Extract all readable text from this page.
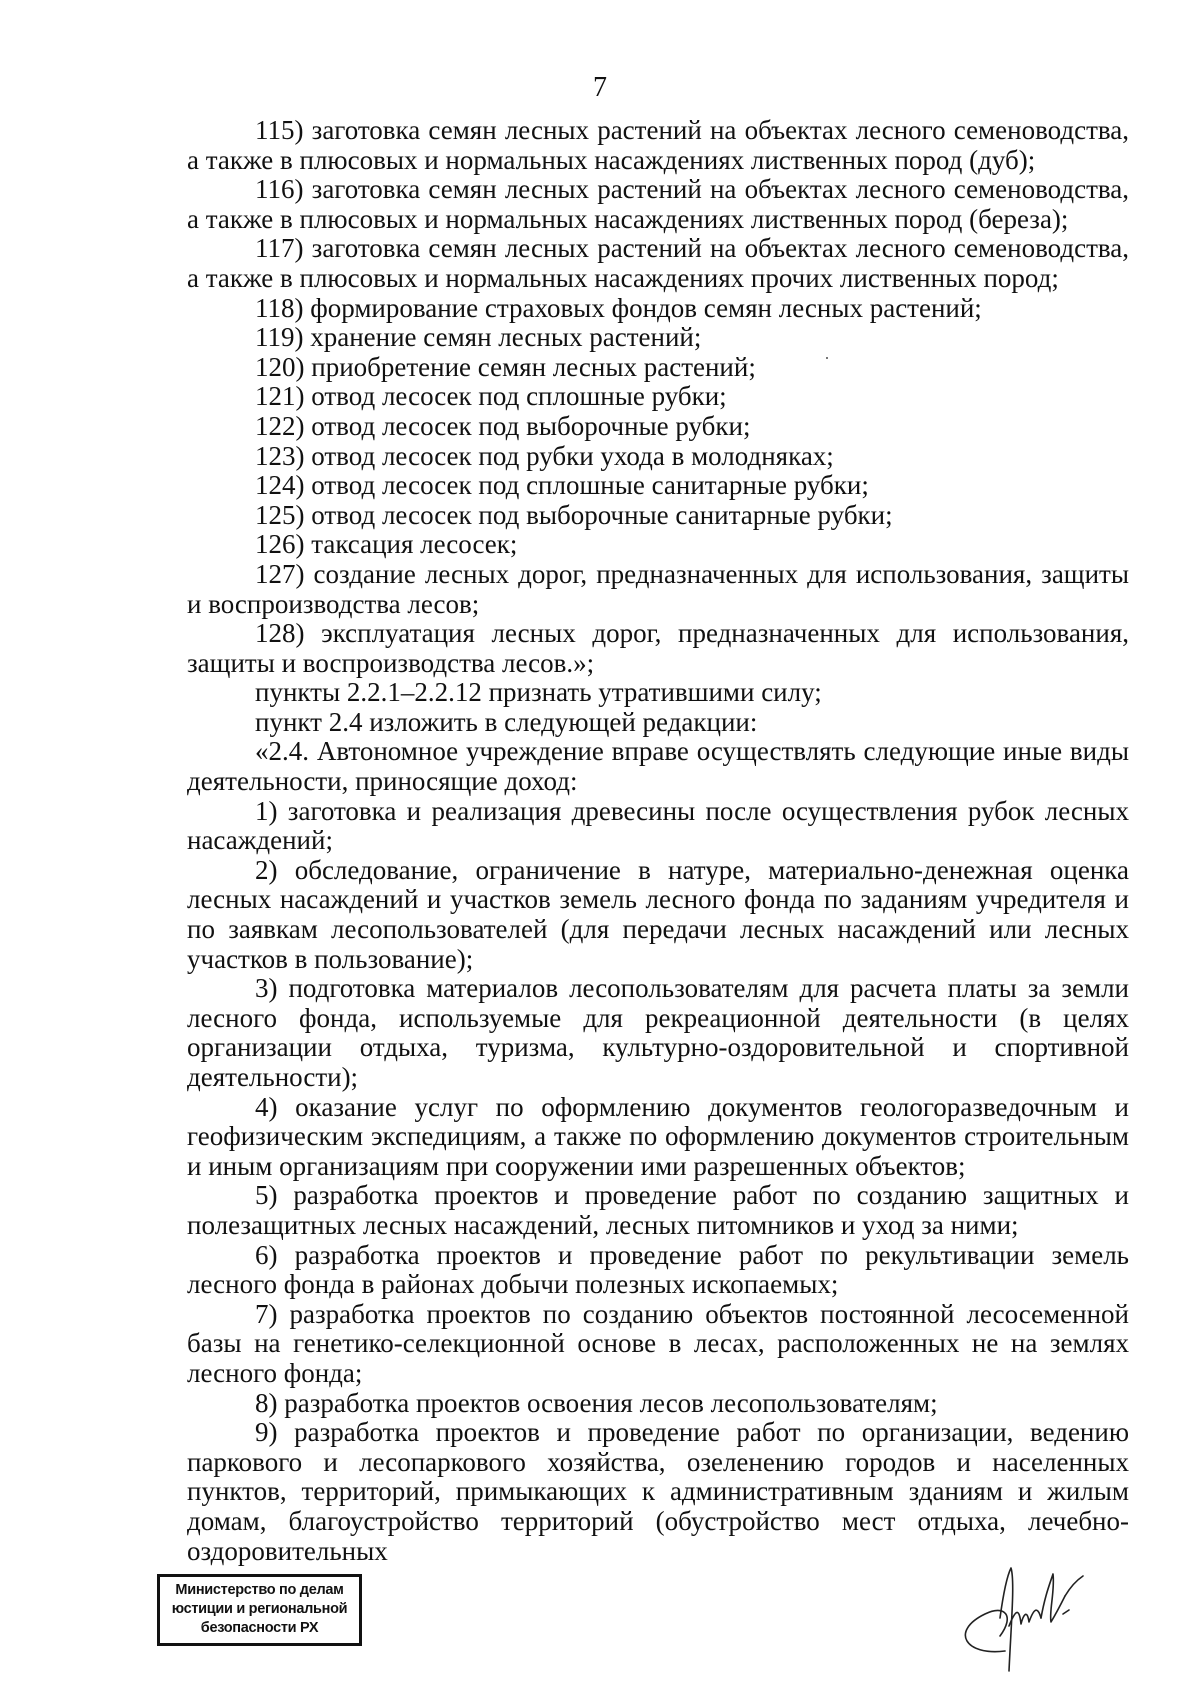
7

115) заготовка семян лесных растений на объектах лесного семеноводства, а также в плюсовых и нормальных насаждениях лиственных пород (дуб);

116) заготовка семян лесных растений на объектах лесного семеноводства, а также в плюсовых и нормальных насаждениях лиственных пород (береза);

117) заготовка семян лесных растений на объектах лесного семеноводства, а также в плюсовых и нормальных насаждениях прочих лиственных пород;

118) формирование страховых фондов семян лесных растений;

119) хранение семян лесных растений;

120) приобретение семян лесных растений;

121) отвод лесосек под сплошные рубки;

122) отвод лесосек под выборочные рубки;

123) отвод лесосек под рубки ухода в молодняках;

124) отвод лесосек под сплошные санитарные рубки;

125) отвод лесосек под выборочные санитарные рубки;

126) таксация лесосек;

127) создание лесных дорог, предназначенных для использования, защиты и воспроизводства лесов;

128) эксплуатация лесных дорог, предназначенных для использования, защиты и воспроизводства лесов.»;

пункты 2.2.1–2.2.12 признать утратившими силу;

пункт 2.4 изложить в следующей редакции:

«2.4. Автономное учреждение вправе осуществлять следующие иные виды деятельности, приносящие доход:

1) заготовка и реализация древесины после осуществления рубок лесных насаждений;

2) обследование, ограничение в натуре, материально-денежная оценка лесных насаждений и участков земель лесного фонда по заданиям учредителя и по заявкам лесопользователей (для передачи лесных насаждений или лесных участков в пользование);

3) подготовка материалов лесопользователям для расчета платы за земли лесного фонда, используемые для рекреационной деятельности (в целях организации отдыха, туризма, культурно-оздоровительной и спортивной деятельности);

4) оказание услуг по оформлению документов геологоразведочным и геофизическим экспедициям, а также по оформлению документов строительным и иным организациям при сооружении ими разрешенных объектов;

5) разработка проектов и проведение работ по созданию защитных и полезащитных лесных насаждений, лесных питомников и уход за ними;

6) разработка проектов и проведение работ по рекультивации земель лесного фонда в районах добычи полезных ископаемых;

7) разработка проектов по созданию объектов постоянной лесосеменной базы на генетико-селекционной основе в лесах, расположенных не на землях лесного фонда;

8) разработка проектов освоения лесов лесопользователям;

9) разработка проектов и проведение работ по организации, ведению паркового и лесопаркового хозяйства, озеленению городов и населенных пунктов, территорий, примыкающих к административным зданиям и жилым домам, благоустройство территорий (обустройство мест отдыха, лечебно-оздоровительных

Министерство по делам
юстиции и региональной
безопасности РХ
